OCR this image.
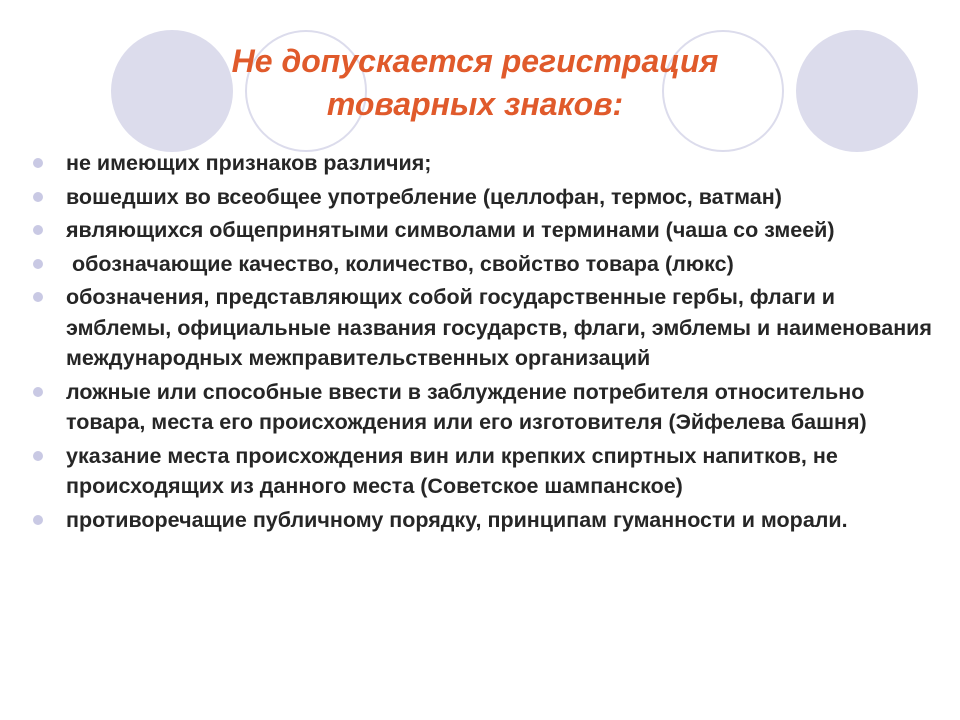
Не допускается регистрация
товарных знаков:
не имеющих признаков различия;
вошедших во всеобщее употребление (целлофан, термос, ватман)
являющихся общепринятыми символами и терминами (чаша со змеей)
обозначающие качество, количество, свойство товара (люкс)
обозначения, представляющих собой государственные гербы, флаги и эмблемы, официальные названия государств, флаги, эмблемы и наименования международных межправительственных организаций
ложные или способные ввести в заблуждение потребителя относительно товара, места его происхождения или его изготовителя (Эйфелева башня)
указание места происхождения вин или крепких спиртных напитков, не происходящих из данного места (Советское шампанское)
противоречащие публичному порядку, принципам гуманности и морали.
